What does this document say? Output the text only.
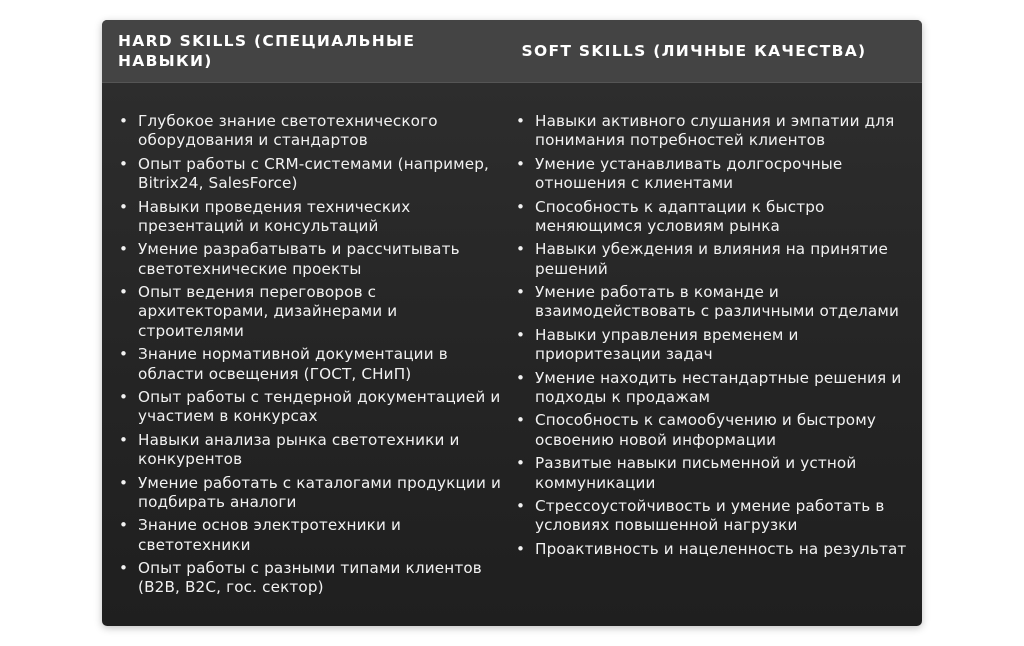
HARD SKILLS (СПЕЦИАЛЬНЫЕ НАВЫКИ)
SOFT SKILLS (ЛИЧНЫЕ КАЧЕСТВА)
• Глубокое знание светотехнического оборудования и стандартов
• Опыт работы с CRM-системами (например, Bitrix24, SalesForce)
• Навыки проведения технических презентаций и консультаций
• Умение разрабатывать и рассчитывать светотехнические проекты
• Опыт ведения переговоров с архитекторами, дизайнерами и строителями
• Знание нормативной документации в области освещения (ГОСТ, СНиП)
• Опыт работы с тендерной документацией и участием в конкурсах
• Навыки анализа рынка светотехники и конкурентов
• Умение работать с каталогами продукции и подбирать аналоги
• Знание основ электротехники и светотехники
• Опыт работы с разными типами клиентов (B2B, B2C, гос. сектор)
• Навыки активного слушания и эмпатии для понимания потребностей клиентов
• Умение устанавливать долгосрочные отношения с клиентами
• Способность к адаптации к быстро меняющимся условиям рынка
• Навыки убеждения и влияния на принятие решений
• Умение работать в команде и взаимодействовать с различными отделами
• Навыки управления временем и приоритезации задач
• Умение находить нестандартные решения и подходы к продажам
• Способность к самообучению и быстрому освоению новой информации
• Развитые навыки письменной и устной коммуникации
• Стрессоустойчивость и умение работать в условиях повышенной нагрузки
• Проактивность и нацеленность на результат
